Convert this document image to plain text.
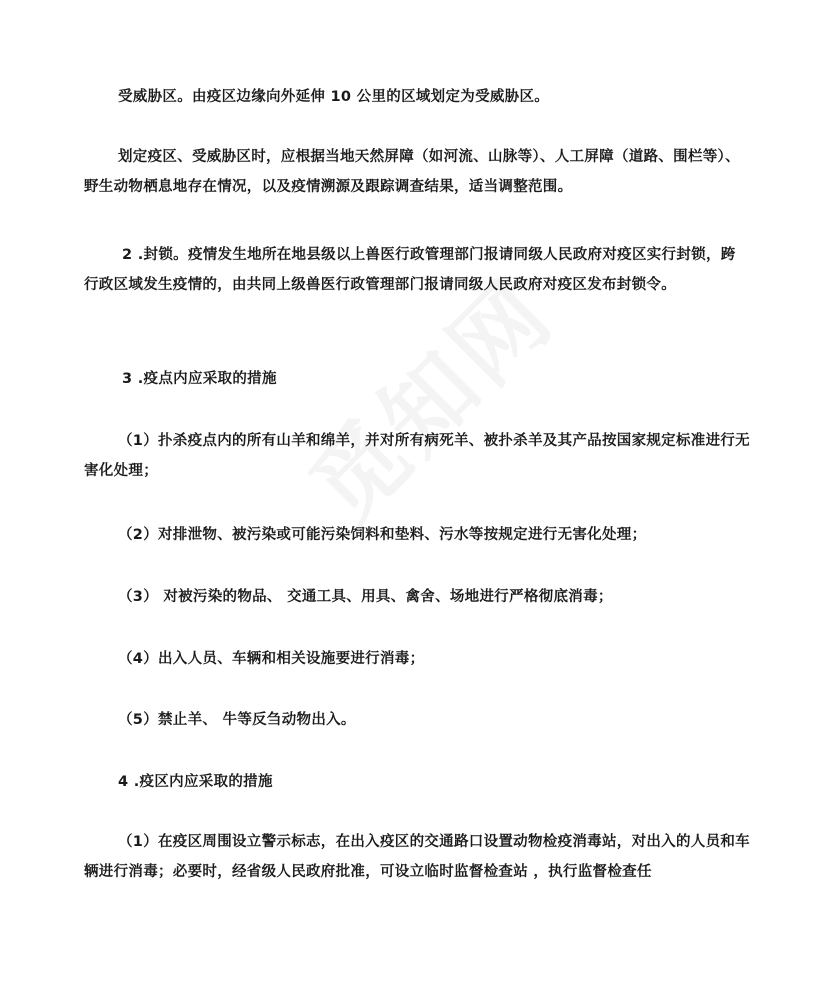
受威胁区。由疫区边缘向外延伸 10 公里的区域划定为受威胁区。

划定疫区、受威胁区时，应根据当地天然屏障（如河流、山脉等）、人工屏障（道路、围栏等）、野生动物栖息地存在情况，以及疫情溯源及跟踪调查结果，适当调整范围。

2 .封锁。疫情发生地所在地县级以上兽医行政管理部门报请同级人民政府对疫区实行封锁，跨行政区域发生疫情的，由共同上级兽医行政管理部门报请同级人民政府对疫区发布封锁令。

3 .疫点内应采取的措施

（1）扑杀疫点内的所有山羊和绵羊，并对所有病死羊、被扑杀羊及其产品按国家规定标准进行无害化处理；

（2）对排泄物、被污染或可能污染饲料和垫料、污水等按规定进行无害化处理；

（3） 对被污染的物品、 交通工具、用具、禽舍、场地进行严格彻底消毒；

（4）出入人员、车辆和相关设施要进行消毒；

（5）禁止羊、 牛等反刍动物出入。

4 .疫区内应采取的措施

（1）在疫区周围设立警示标志，在出入疫区的交通路口设置动物检疫消毒站，对出入的人员和车辆进行消毒；必要时，经省级人民政府批准，可设立临时监督检查站 ，执行监督检查任
